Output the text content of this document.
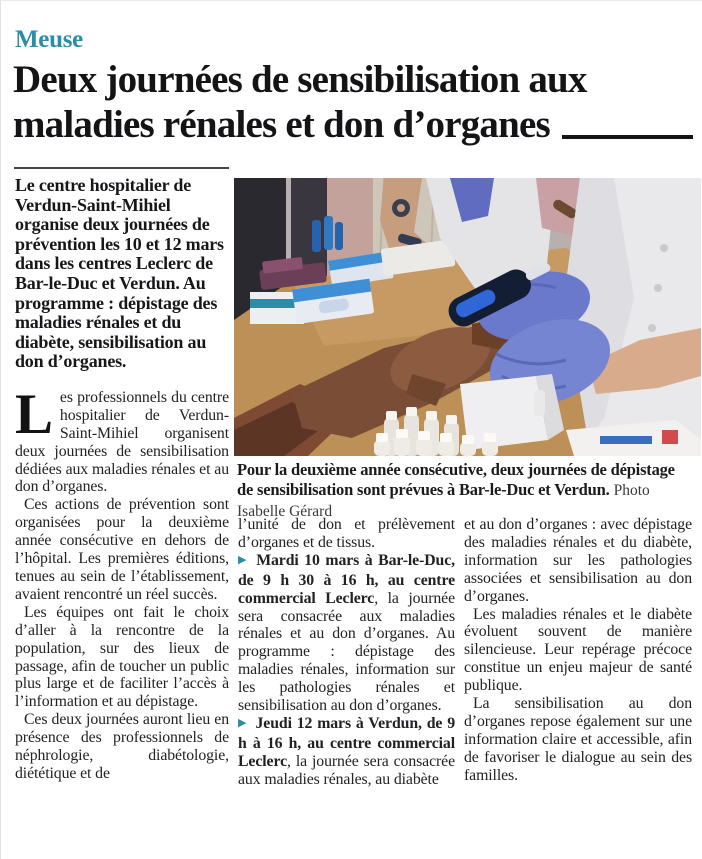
Meuse
Deux journées de sensibilisation aux
maladies rénales et don d’organes
Pour la deuxième année consécutive, deux journées de dépistage de sensibilisation sont prévues à Bar-le-Duc et Verdun. Photo Isabelle Gérard
Le centre hospitalier de Verdun-Saint-Mihiel organise deux journées de prévention les 10 et 12 mars dans les centres Leclerc de Bar-le-Duc et Verdun. Au programme : dépistage des maladies rénales et du diabète, sensibilisation au don d’organes.

Les professionnels du centre hospitalier de Verdun-Saint-Mihiel organisent deux journées de sensibilisation dédiées aux maladies rénales et au don d’organes.

Ces actions de prévention sont organisées pour la deuxième année consécutive en dehors de l’hôpital. Les premières éditions, tenues au sein de l’établissement, avaient rencontré un réel succès.

Les équipes ont fait le choix d’aller à la rencontre de la population, sur des lieux de passage, afin de toucher un public plus large et de faciliter l’accès à l’information et au dépistage.

Ces deux journées auront lieu en présence des professionnels de néphrologie, diabétologie, diététique et de

l’unité de don et prélèvement d’organes et de tissus.

▶ Mardi 10 mars à Bar-le-Duc, de 9 h 30 à 16 h, au centre commercial Leclerc, la journée sera consacrée aux maladies rénales et au don d’organes. Au programme : dépistage des maladies rénales, information sur les pathologies rénales et sensibilisation au don d’organes.

▶ Jeudi 12 mars à Verdun, de 9 h à 16 h, au centre commercial Leclerc, la journée sera consacrée aux maladies rénales, au diabète

et au don d’organes : avec dépistage des maladies rénales et du diabète, information sur les pathologies associées et sensibilisation au don d’organes.

Les maladies rénales et le diabète évoluent souvent de manière silencieuse. Leur repérage précoce constitue un enjeu majeur de santé publique.

La sensibilisation au don d’organes repose également sur une information claire et accessible, afin de favoriser le dialogue au sein des familles.
